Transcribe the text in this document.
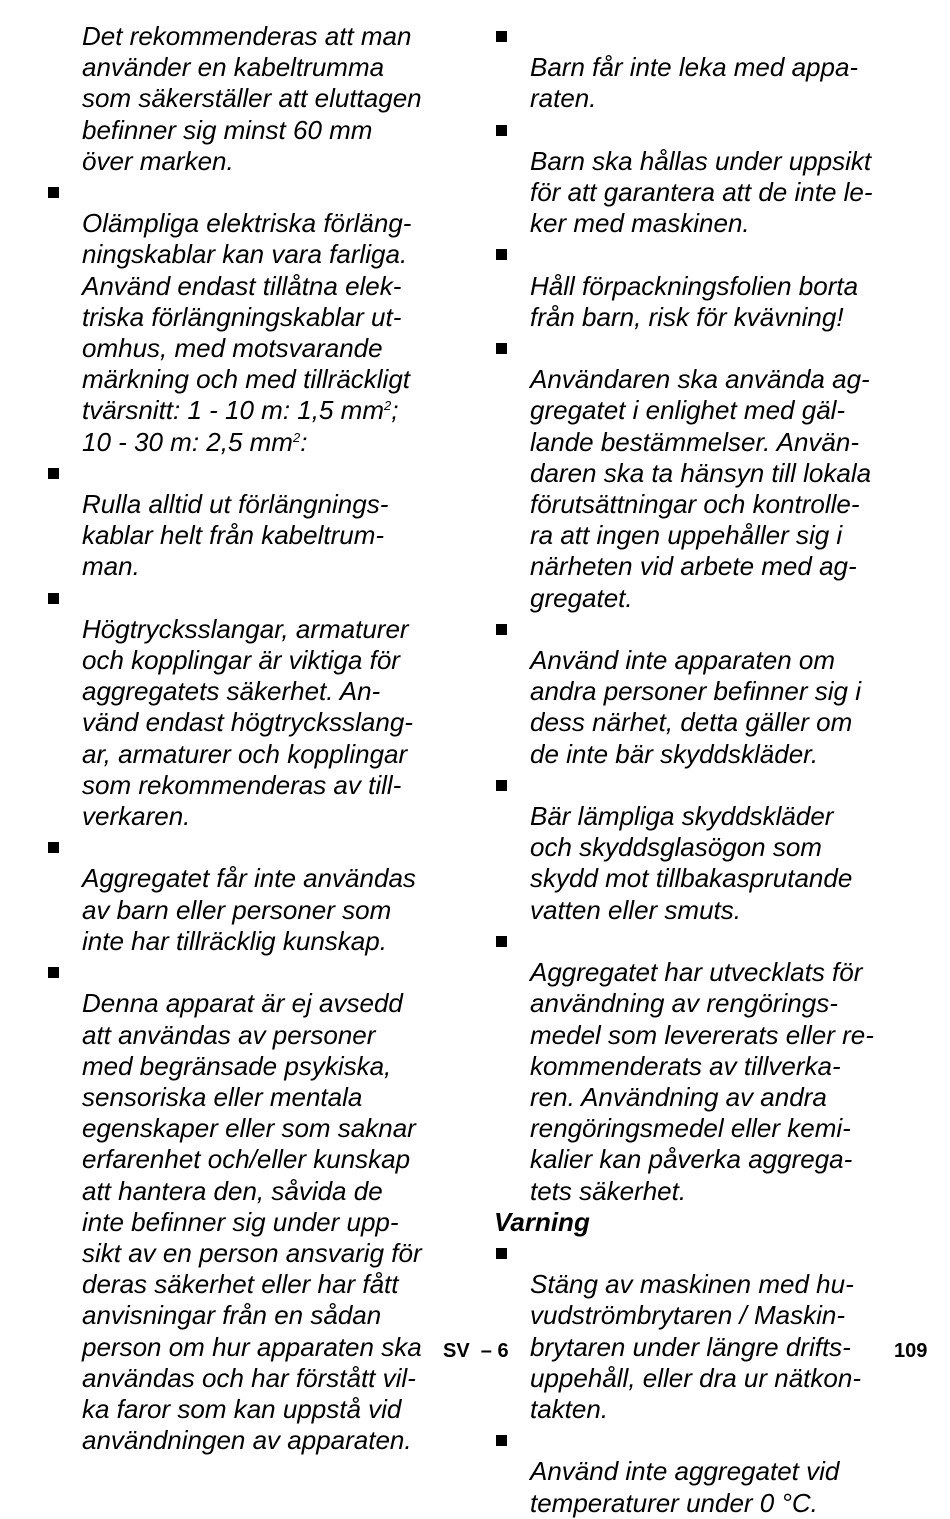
Det rekommenderas att man
använder en kabeltrumma
som säkerställer att eluttagen
befinner sig minst 60 mm
över marken.

Olämpliga elektriska förläng-
ningskablar kan vara farliga.
Använd endast tillåtna elek-
triska förlängningskablar ut-
omhus, med motsvarande
märkning och med tillräckligt
tvärsnitt: 1 - 10 m: 1,5 $mm^2$;
10 - 30 m: 2,5 $mm^2$:

Rulla alltid ut förlängnings-
kablar helt från kabeltrum-
man.

Högtrycksslangar, armaturer
och kopplingar är viktiga för
aggregatets säkerhet. An-
vänd endast högtrycksslang-
ar, armaturer och kopplingar
som rekommenderas av till-
verkaren.

Aggregatet får inte användas
av barn eller personer som
inte har tillräcklig kunskap.

Denna apparat är ej avsedd
att användas av personer
med begränsade psykiska,
sensoriska eller mentala
egenskaper eller som saknar
erfarenhet och/eller kunskap
att hantera den, såvida de
inte befinner sig under upp-
sikt av en person ansvarig för
deras säkerhet eller har fått
anvisningar från en sådan
person om hur apparaten ska
användas och har förstått vil-
ka faror som kan uppstå vid
användningen av apparaten.

Barn får inte leka med appa-
raten.

Barn ska hållas under uppsikt
för att garantera att de inte le-
ker med maskinen.

Håll förpackningsfolien borta
från barn, risk för kvävning!

Användaren ska använda ag-
gregatet i enlighet med gäl-
lande bestämmelser. Använ-
daren ska ta hänsyn till lokala
förutsättningar och kontrolle-
ra att ingen uppehåller sig i
närheten vid arbete med ag-
gregatet.

Använd inte apparaten om
andra personer befinner sig i
dess närhet, detta gäller om
de inte bär skyddskläder.

Bär lämpliga skyddskläder
och skyddsglasögon som
skydd mot tillbakasprutande
vatten eller smuts.

Aggregatet har utvecklats för
användning av rengörings-
medel som levererats eller re-
kommenderats av tillverka-
ren. Användning av andra
rengöringsmedel eller kemi-
kalier kan påverka aggrega-
tets säkerhet.

Varning

Stäng av maskinen med hu-
vudströmbrytaren / Maskin-
brytaren under längre drifts-
uppehåll, eller dra ur nätkon-
takten.

Använd inte aggregatet vid
temperaturer under 0 °C.

SV  – 6	109
